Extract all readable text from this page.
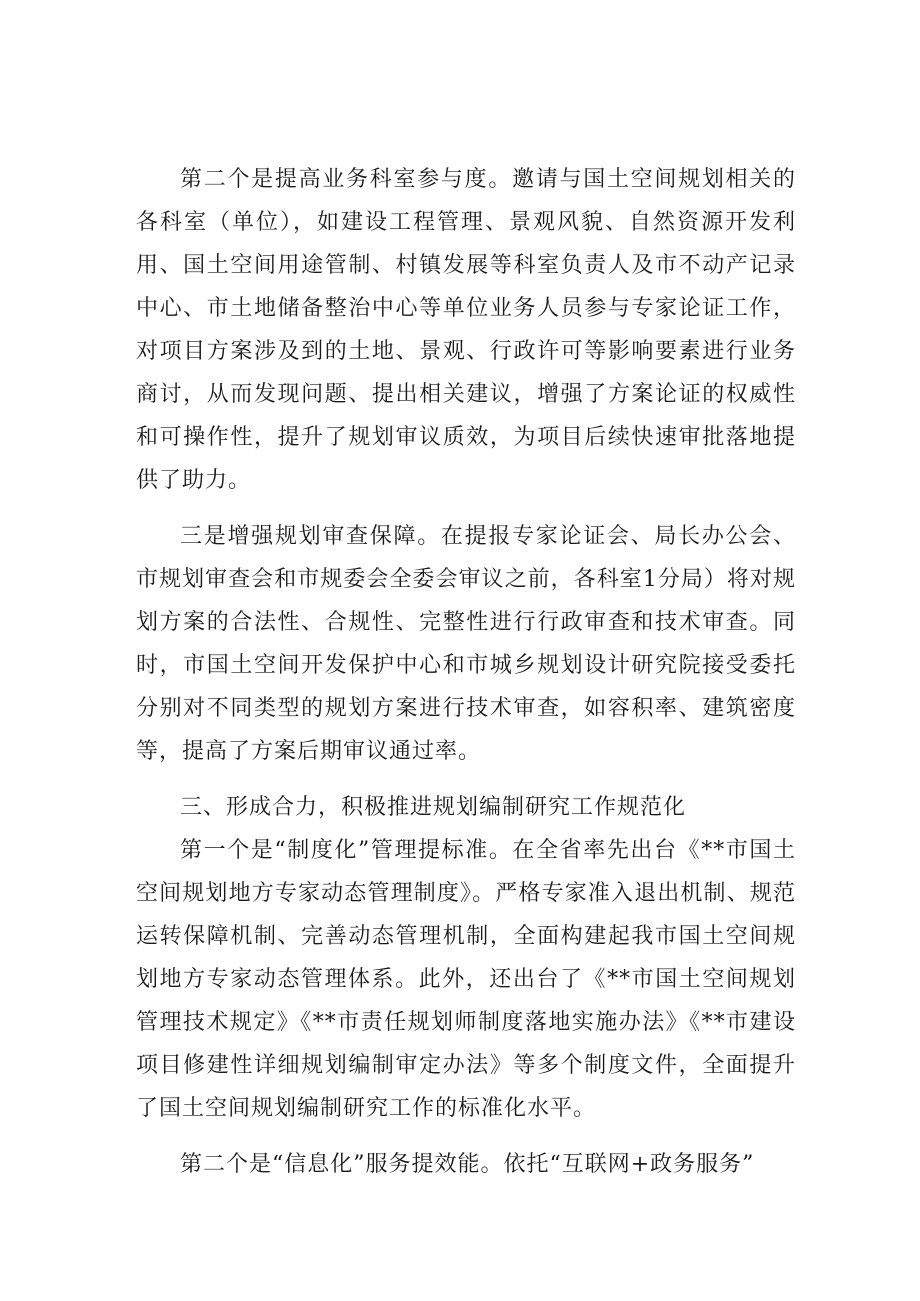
第二个是提高业务科室参与度。邀请与国土空间规划相关的各科室（单位），如建设工程管理、景观风貌、自然资源开发利用、国土空间用途管制、村镇发展等科室负责人及市不动产记录中心、市土地储备整治中心等单位业务人员参与专家论证工作，对项目方案涉及到的土地、景观、行政许可等影响要素进行业务商讨，从而发现问题、提出相关建议，增强了方案论证的权威性和可操作性，提升了规划审议质效，为项目后续快速审批落地提供了助力。

三是增强规划审查保障。在提报专家论证会、局长办公会、市规划审查会和市规委会全委会审议之前，各科室1分局）将对规划方案的合法性、合规性、完整性进行行政审查和技术审查。同时，市国土空间开发保护中心和市城乡规划设计研究院接受委托分别对不同类型的规划方案进行技术审查，如容积率、建筑密度等，提高了方案后期审议通过率。

三、形成合力，积极推进规划编制研究工作规范化

第一个是“制度化”管理提标准。在全省率先出台《**市国土空间规划地方专家动态管理制度》。严格专家准入退出机制、规范运转保障机制、完善动态管理机制，全面构建起我市国土空间规划地方专家动态管理体系。此外，还出台了《**市国土空间规划管理技术规定》《**市责任规划师制度落地实施办法》《**市建设项目修建性详细规划编制审定办法》等多个制度文件，全面提升了国土空间规划编制研究工作的标准化水平。

第二个是“信息化”服务提效能。依托“互联网+政务服务”
